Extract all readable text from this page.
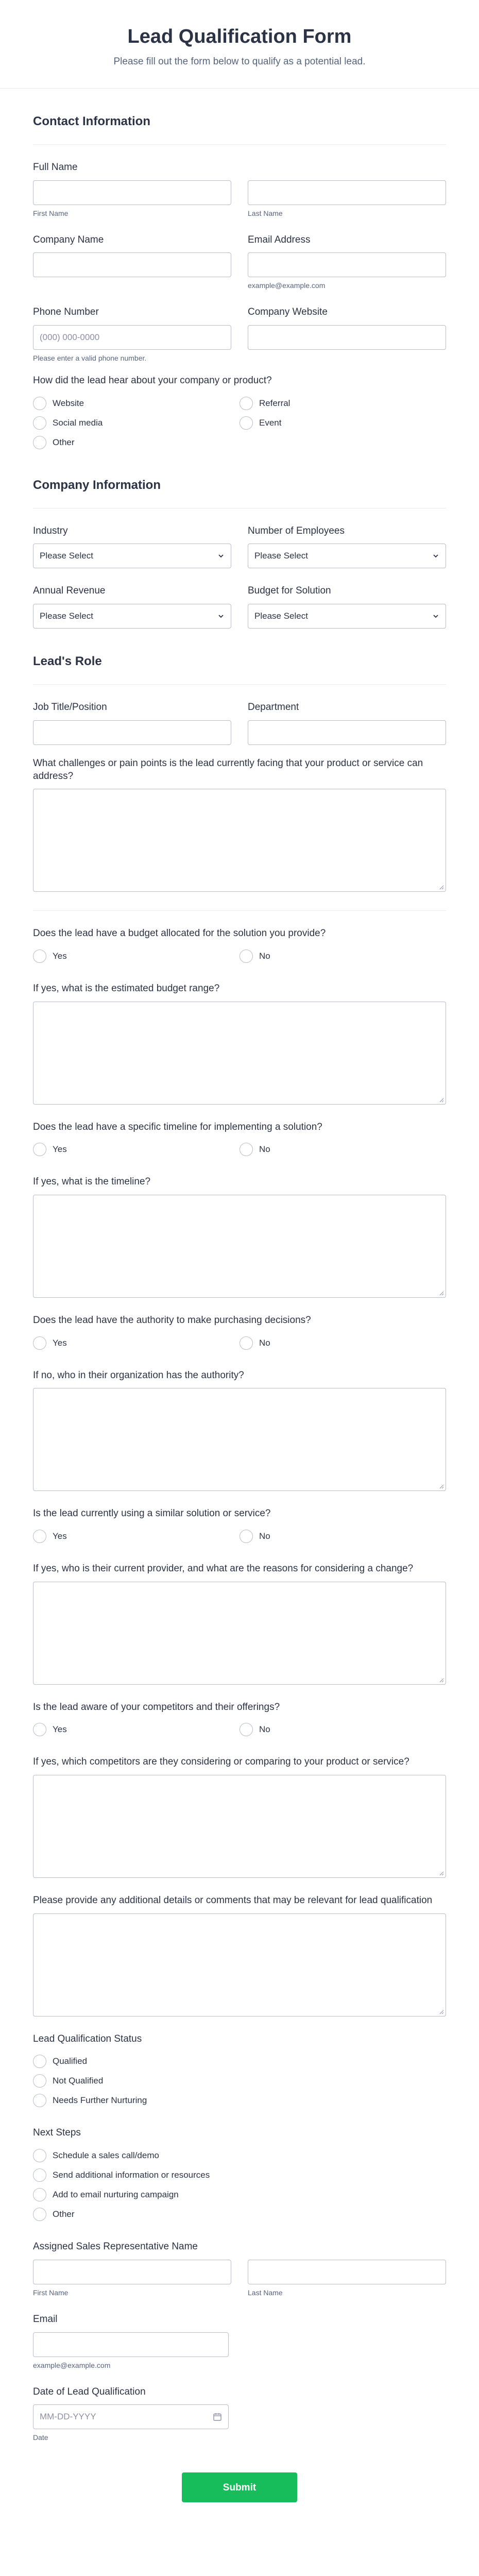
Lead Qualification Form

Please fill out the form below to qualify as a potential lead.

Contact Information
Full Name
First Name	Last Name
Company Name	Email Address
example@example.com
Phone Number
(000) 000-0000
Please enter a valid phone number.
Company Website
How did the lead hear about your company or product?
Website	Referral
Social media	Event
Other
Company Information
Industry
Please Select
Number of Employees
Please Select
Annual Revenue
Please Select
Budget for Solution
Please Select
Lead's Role
Job Title/Position	Department
What challenges or pain points is the lead currently facing that your product or service can address?
Does the lead have a budget allocated for the solution you provide?
Yes	No
If yes, what is the estimated budget range?
Does the lead have a specific timeline for implementing a solution?
Yes	No
If yes, what is the timeline?
Does the lead have the authority to make purchasing decisions?
Yes	No
If no, who in their organization has the authority?
Is the lead currently using a similar solution or service?
Yes	No
If yes, who is their current provider, and what are the reasons for considering a change?
Is the lead aware of your competitors and their offerings?
Yes	No
If yes, which competitors are they considering or comparing to your product or service?
Please provide any additional details or comments that may be relevant for lead qualification
Lead Qualification Status
Qualified
Not Qualified
Needs Further Nurturing
Next Steps
Schedule a sales call/demo
Send additional information or resources
Add to email nurturing campaign
Other
Assigned Sales Representative Name
First Name	Last Name
Email
example@example.com
Date of Lead Qualification
MM-DD-YYYY
Date
Submit
